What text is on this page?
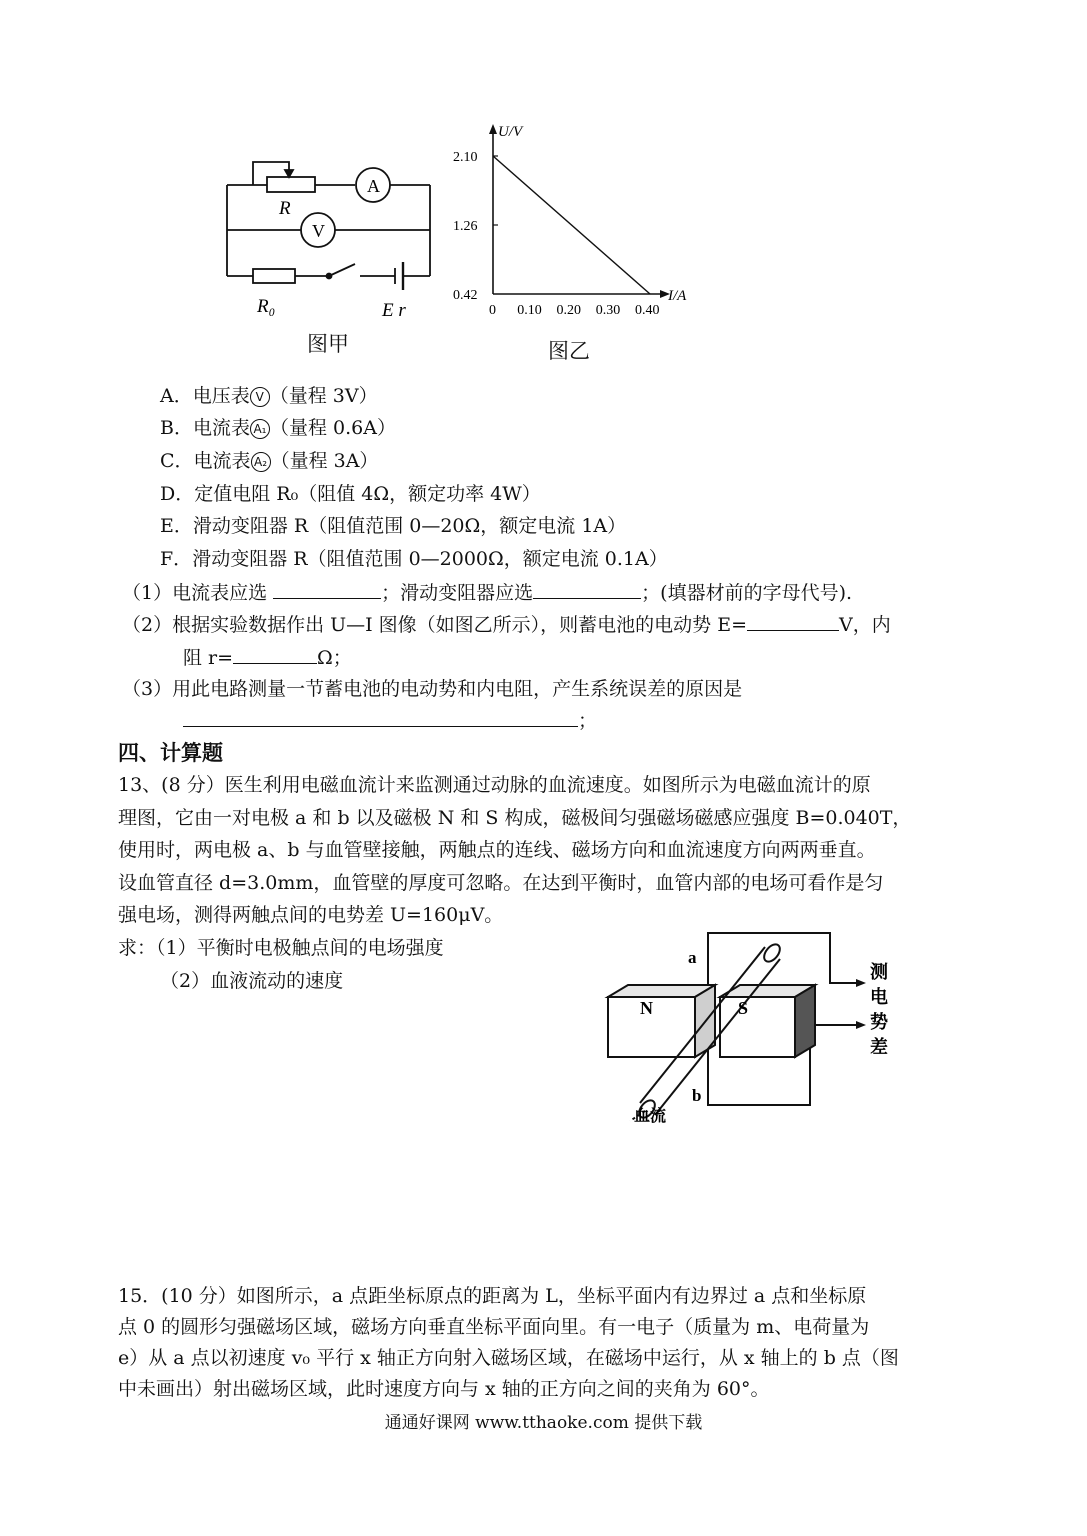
A
V
R
R₀	E r
图甲
U/V
I/A
2.10
1.26
0.42
0 0.10 0.20 0.30 0.40
图乙
A．电压表 V （量程 3V）
B．电流表 A₁ （量程 0.6A）
C．电流表 A₂ （量程 3A）
D．定值电阻 R₀（阻值 4Ω，额定功率 4W）
E．滑动变阻器 R（阻值范围 0—20Ω，额定电流 1A）
F．滑动变阻器 R（阻值范围 0—2000Ω，额定电流 0.1A）
（1）电流表应选	；滑动变阻器应选	；(填器材前的字母代号).
（2）根据实验数据作出 U—I 图像（如图乙所示），则蓄电池的电动势 E=	V，内
阻 r=	Ω；
（3）用此电路测量一节蓄电池的电动势和内电阻，产生系统误差的原因是
；
四、计算题
13、(8 分）医生利用电磁血流计来监测通过动脉的血流速度。如图所示为电磁血流计的原
理图，它由一对电极 a 和 b 以及磁极 N 和 S 构成，磁极间匀强磁场磁感应强度 B=0.040T，
使用时，两电极 a、b 与血管壁接触，两触点的连线、磁场方向和血流速度方向两两垂直。
设血管直径 d=3.0mm，血管壁的厚度可忽略。在达到平衡时，血管内部的电场可看作是匀
强电场，测得两触点间的电势差 U=160μV。
求：（1）平衡时电极触点间的电场强度
（2）血液流动的速度
a
b
N	S
测
电
势
差
血流
15．(10 分）如图所示，a 点距坐标原点的距离为 L，坐标平面内有边界过 a 点和坐标原
点 0 的圆形匀强磁场区域，磁场方向垂直坐标平面向里。有一电子（质量为 m、电荷量为
e）从 a 点以初速度 v₀ 平行 x 轴正方向射入磁场区域，在磁场中运行，从 x 轴上的 b 点（图
中未画出）射出磁场区域，此时速度方向与 x 轴的正方向之间的夹角为 60°。
通通好课网 www.tthaoke.com 提供下载
